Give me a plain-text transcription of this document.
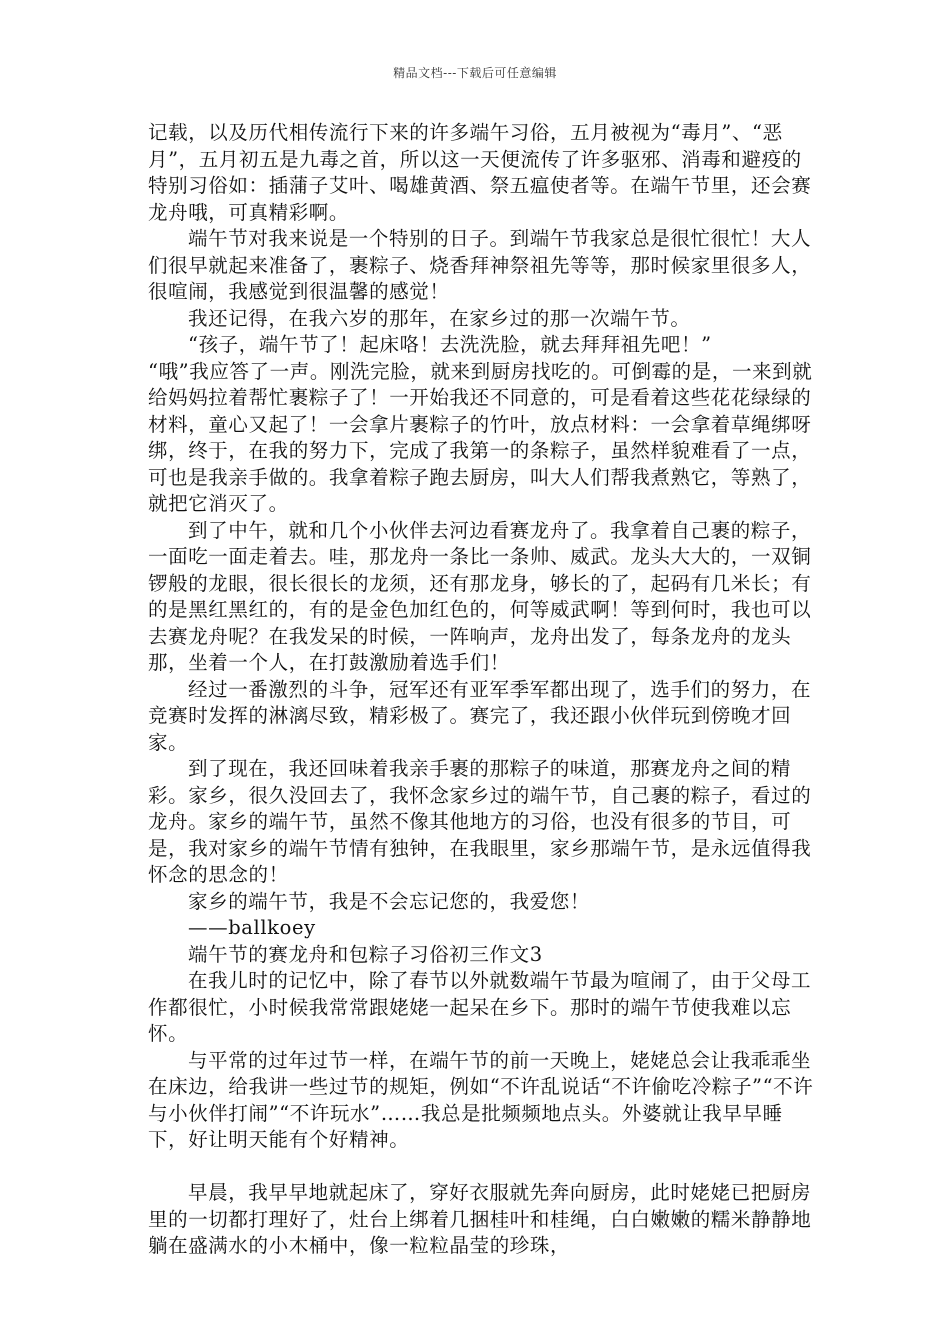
精品文档---下载后可任意编辑

记载，以及历代相传流行下来的许多端午习俗，五月被视为“毒月”、“恶月”，五月初五是九毒之首，所以这一天便流传了许多驱邪、消毒和避疫的特别习俗如：插蒲子艾叶、喝雄黄酒、祭五瘟使者等。在端午节里，还会赛龙舟哦，可真精彩啊。

端午节对我来说是一个特别的日子。到端午节我家总是很忙很忙！大人们很早就起来准备了，裹粽子、烧香拜神祭祖先等等，那时候家里很多人，很喧闹，我感觉到很温馨的感觉！

我还记得，在我六岁的那年，在家乡过的那一次端午节。

“孩子，端午节了！起床咯！去洗洗脸，就去拜拜祖先吧！”

“哦”我应答了一声。刚洗完脸，就来到厨房找吃的。可倒霉的是，一来到就给妈妈拉着帮忙裹粽子了！一开始我还不同意的，可是看着这些花花绿绿的材料，童心又起了！一会拿片裹粽子的竹叶，放点材料：一会拿着草绳绑呀绑，终于，在我的努力下，完成了我第一的条粽子，虽然样貌难看了一点，可也是我亲手做的。我拿着粽子跑去厨房，叫大人们帮我煮熟它，等熟了，就把它消灭了。

到了中午，就和几个小伙伴去河边看赛龙舟了。我拿着自己裹的粽子，一面吃一面走着去。哇，那龙舟一条比一条帅、威武。龙头大大的，一双铜锣般的龙眼，很长很长的龙须，还有那龙身，够长的了，起码有几米长；有的是黑红黑红的，有的是金色加红色的，何等威武啊！等到何时，我也可以去赛龙舟呢？在我发呆的时候，一阵响声，龙舟出发了，每条龙舟的龙头那，坐着一个人，在打鼓激励着选手们！

经过一番激烈的斗争，冠军还有亚军季军都出现了，选手们的努力，在竞赛时发挥的淋漓尽致，精彩极了。赛完了，我还跟小伙伴玩到傍晚才回家。

到了现在，我还回味着我亲手裹的那粽子的味道，那赛龙舟之间的精彩。家乡，很久没回去了，我怀念家乡过的端午节，自己裹的粽子，看过的龙舟。家乡的端午节，虽然不像其他地方的习俗，也没有很多的节目，可是，我对家乡的端午节情有独钟，在我眼里，家乡那端午节，是永远值得我怀念的思念的！

家乡的端午节，我是不会忘记您的，我爱您！

——ballkoey

端午节的赛龙舟和包粽子习俗初三作文3

在我儿时的记忆中，除了春节以外就数端午节最为喧闹了，由于父母工作都很忙，小时候我常常跟姥姥一起呆在乡下。那时的端午节使我难以忘怀。

与平常的过年过节一样，在端午节的前一天晚上，姥姥总会让我乖乖坐在床边，给我讲一些过节的规矩，例如“不许乱说话“不许偷吃冷粽子”“不许与小伙伴打闹”“不许玩水”……我总是批频频地点头。外婆就让我早早睡下，好让明天能有个好精神。

早晨，我早早地就起床了，穿好衣服就先奔向厨房，此时姥姥已把厨房里的一切都打理好了，灶台上绑着几捆桂叶和桂绳，白白嫩嫩的糯米静静地躺在盛满水的小木桶中，像一粒粒晶莹的珍珠，
